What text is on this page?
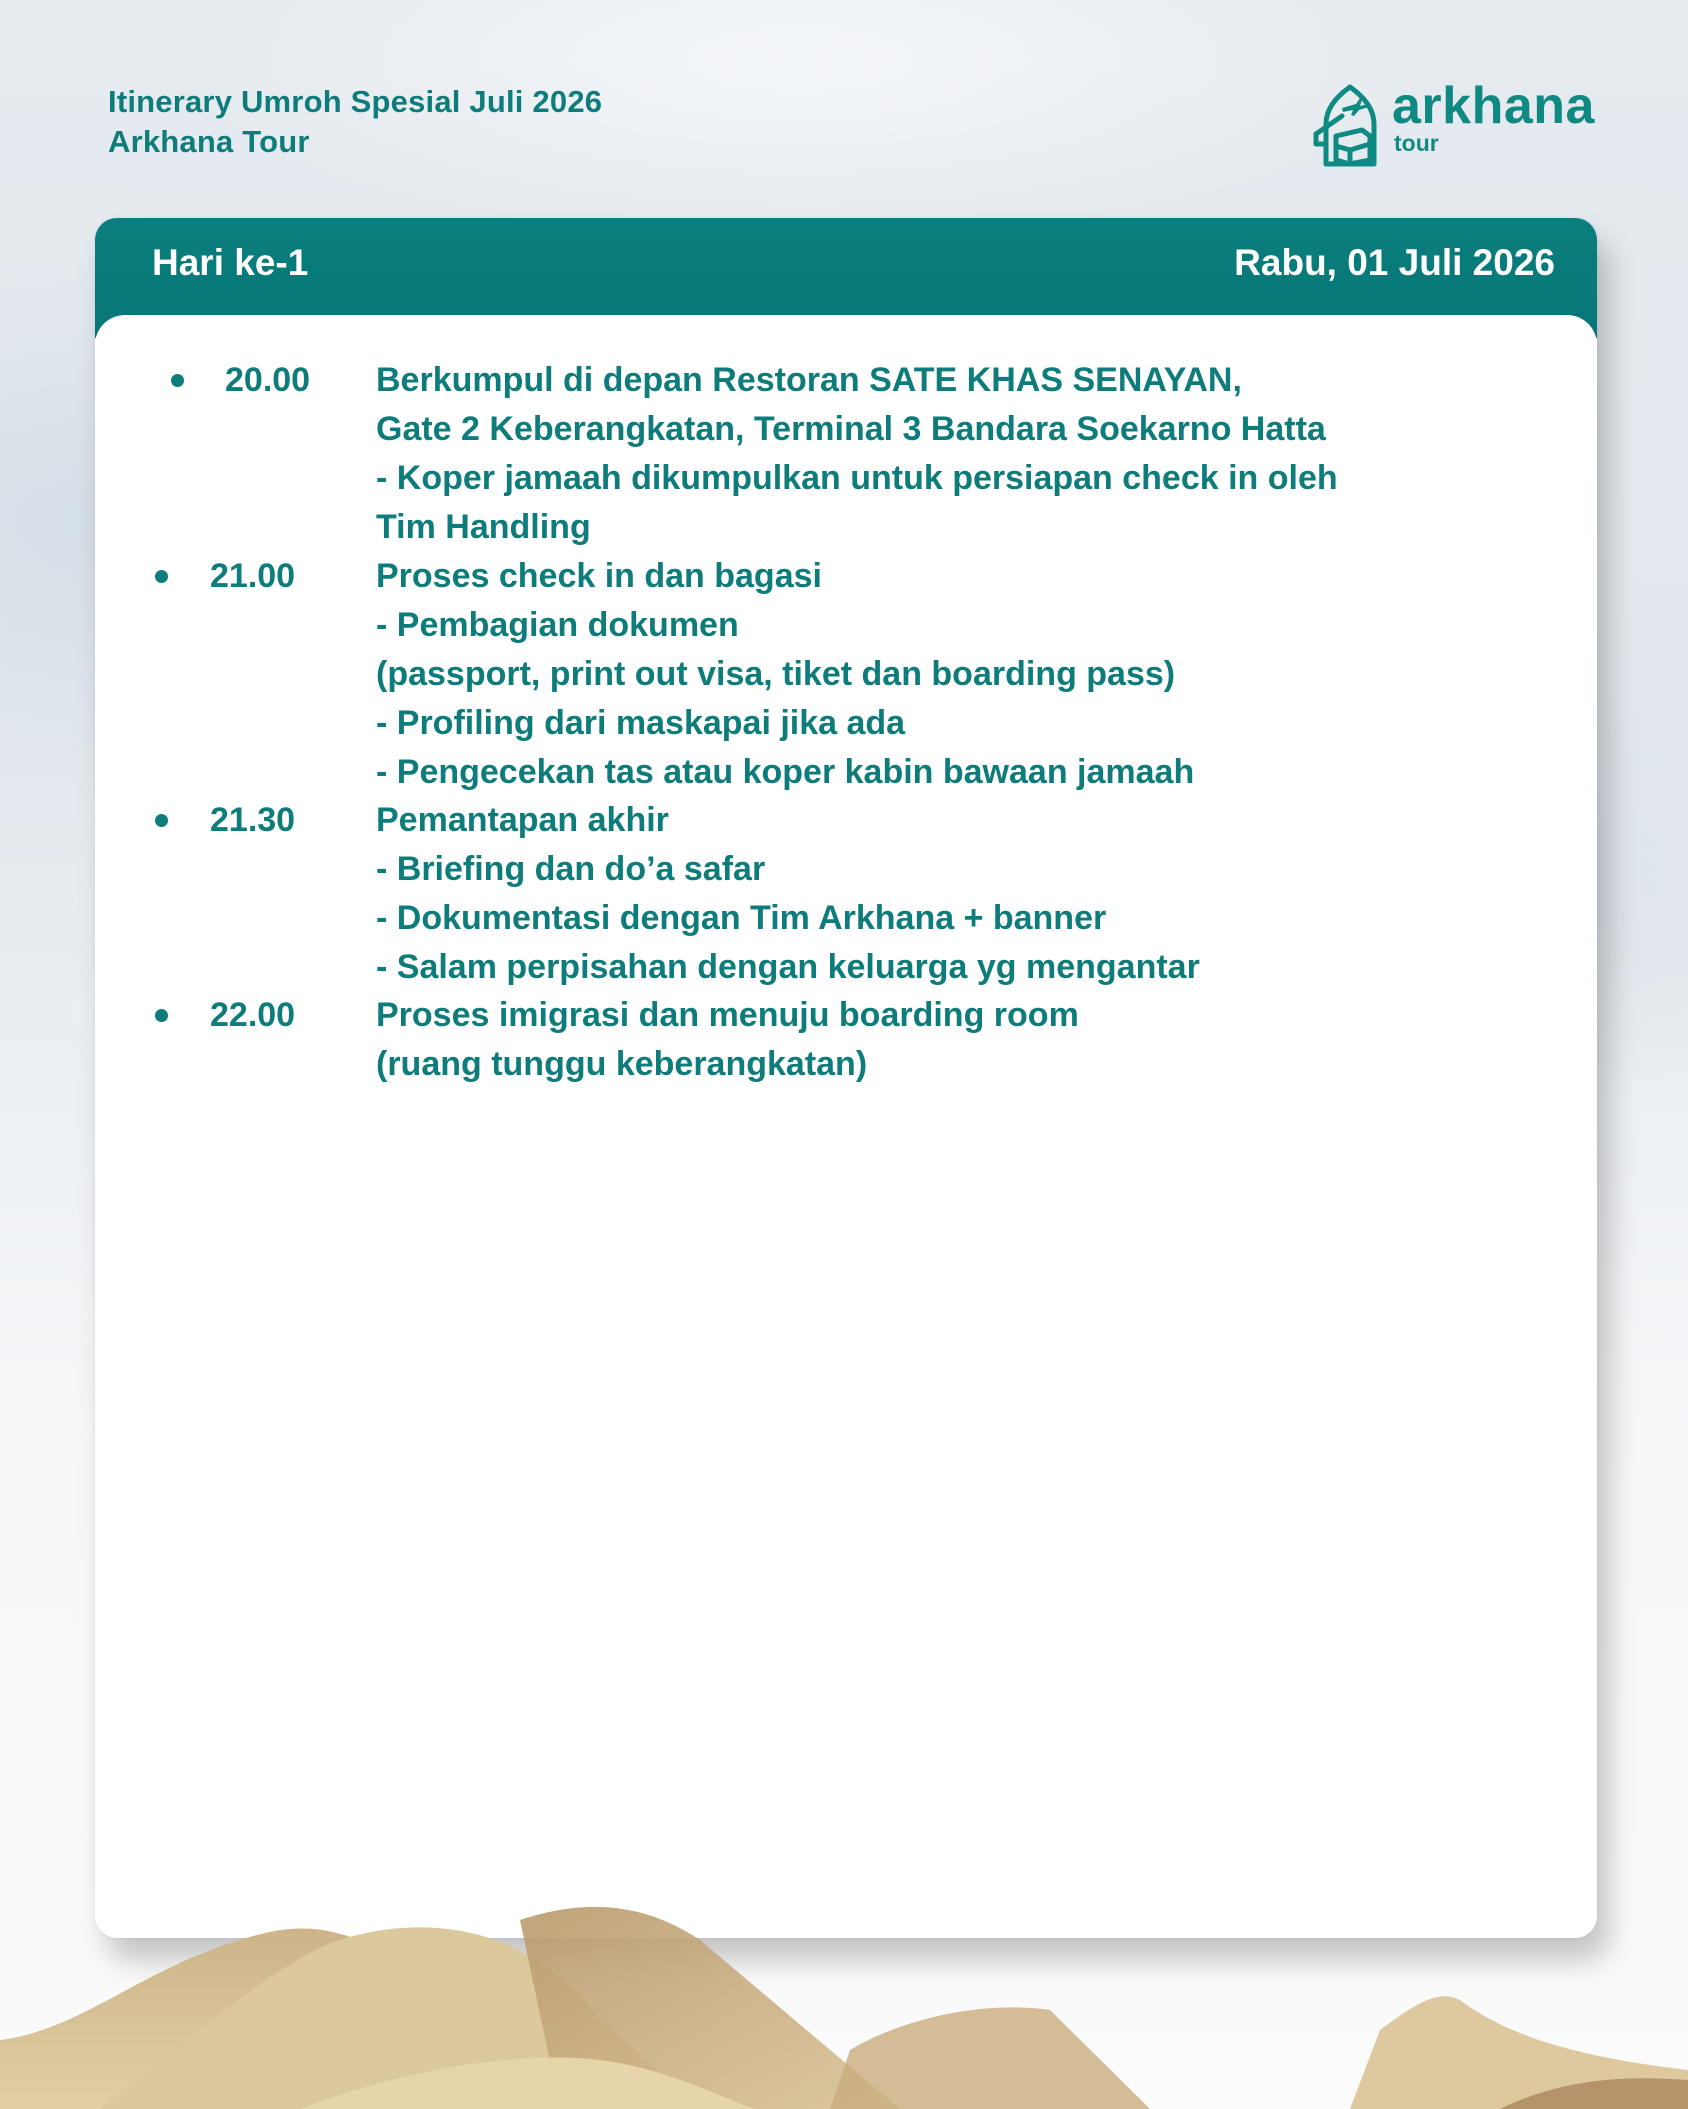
Itinerary Umroh Spesial Juli 2026
Arkhana Tour
arkhana
tour
Hari ke-1	Rabu, 01 Juli 2026
20.00 Berkumpul di depan Restoran SATE KHAS SENAYAN,
Gate 2 Keberangkatan, Terminal 3 Bandara Soekarno Hatta
- Koper jamaah dikumpulkan untuk persiapan check in oleh
Tim Handling
21.00 Proses check in dan bagasi
- Pembagian dokumen
(passport, print out visa, tiket dan boarding pass)
- Profiling dari maskapai jika ada
- Pengecekan tas atau koper kabin bawaan jamaah
21.30 Pemantapan akhir
- Briefing dan do’a safar
- Dokumentasi dengan Tim Arkhana + banner
- Salam perpisahan dengan keluarga yg mengantar
22.00 Proses imigrasi dan menuju boarding room
(ruang tunggu keberangkatan)
